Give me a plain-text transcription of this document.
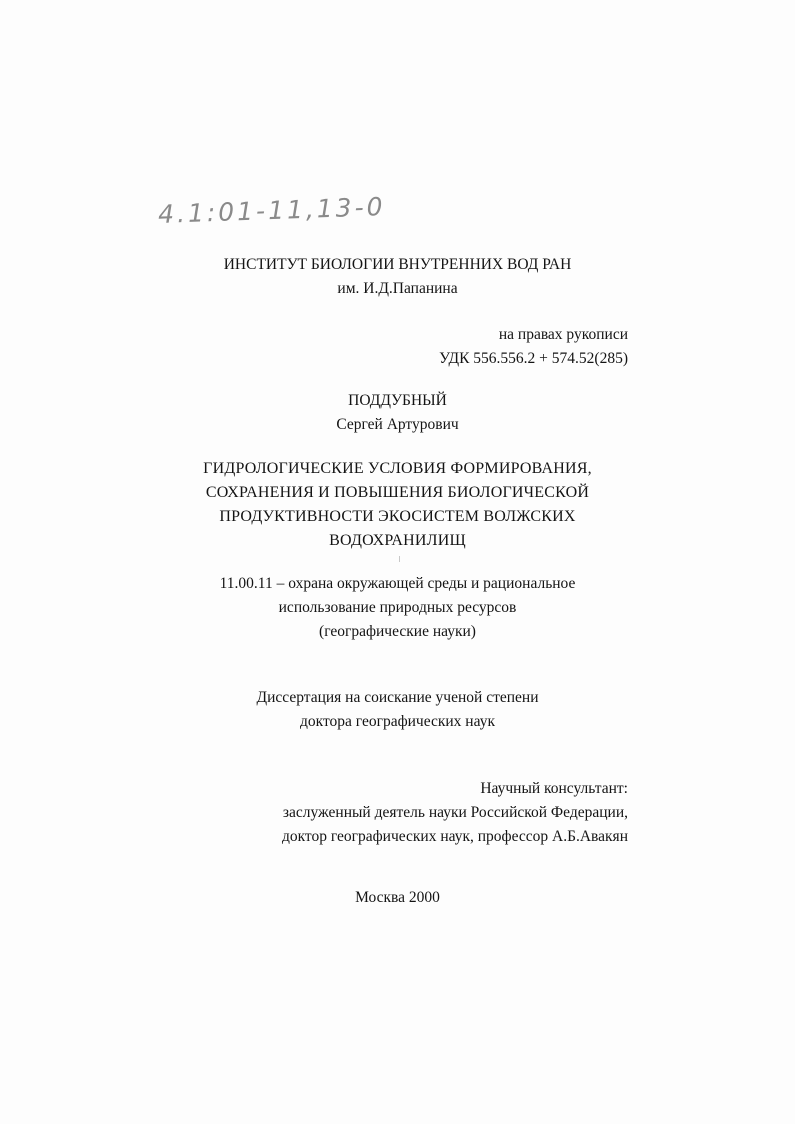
4.1:01-11,13-0
ИНСТИТУТ БИОЛОГИИ ВНУТРЕННИХ ВОД РАН
им. И.Д.Папанина
на правах рукописи
УДК 556.556.2 + 574.52(285)
ПОДДУБНЫЙ
Сергей Артурович
ГИДРОЛОГИЧЕСКИЕ УСЛОВИЯ ФОРМИРОВАНИЯ,
СОХРАНЕНИЯ И ПОВЫШЕНИЯ БИОЛОГИЧЕСКОЙ
ПРОДУКТИВНОСТИ ЭКОСИСТЕМ ВОЛЖСКИХ
ВОДОХРАНИЛИЩ
11.00.11 – охрана окружающей среды и рациональное
использование природных ресурсов
(географические науки)
Диссертация на соискание ученой степени
доктора географических наук
Научный консультант:
заслуженный деятель науки Российской Федерации,
доктор географических наук, профессор А.Б.Авакян
Москва 2000
